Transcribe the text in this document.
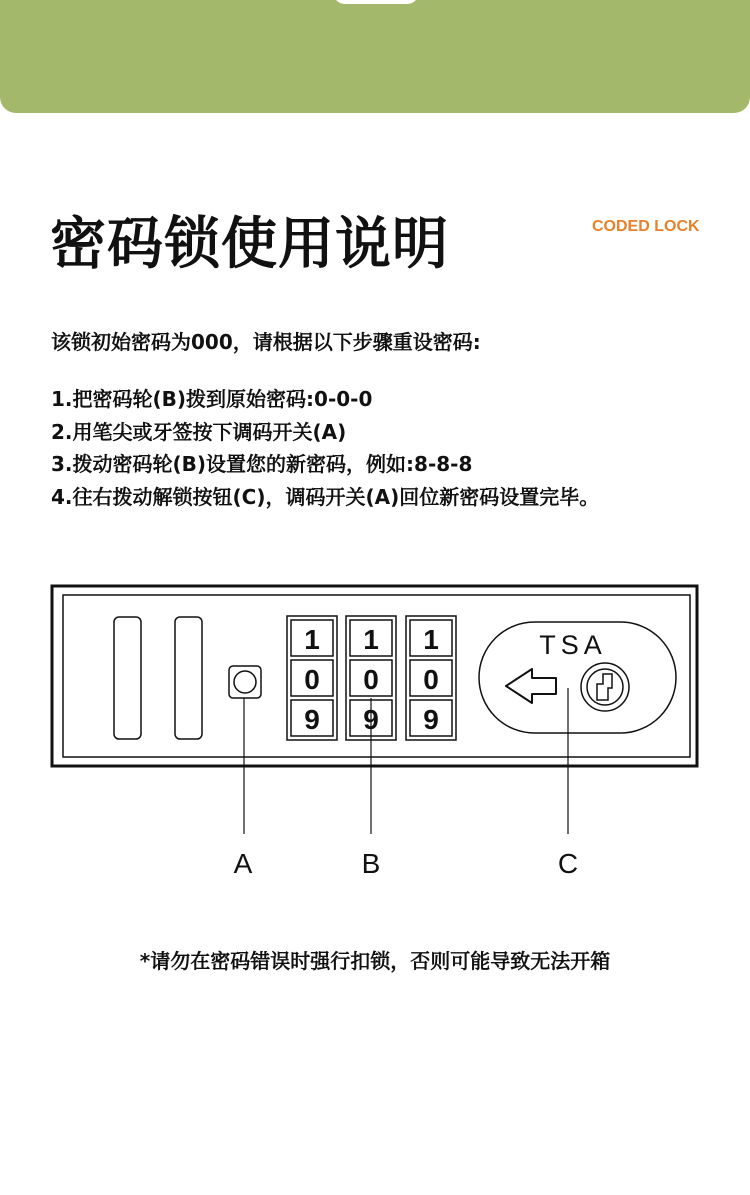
密码锁使用说明	CODED LOCK
该锁初始密码为000，请根据以下步骤重设密码:
1.把密码轮(B)拨到原始密码:0-0-0
2.用笔尖或牙签按下调码开关(A)
3.拨动密码轮(B)设置您的新密码，例如:8-8-8
4.往右拨动解锁按钮(C)，调码开关(A)回位新密码设置完毕。
1
0
9
1
0
9
1
0
9
TSA
A	B	C
*请勿在密码错误时强行扣锁，否则可能导致无法开箱
